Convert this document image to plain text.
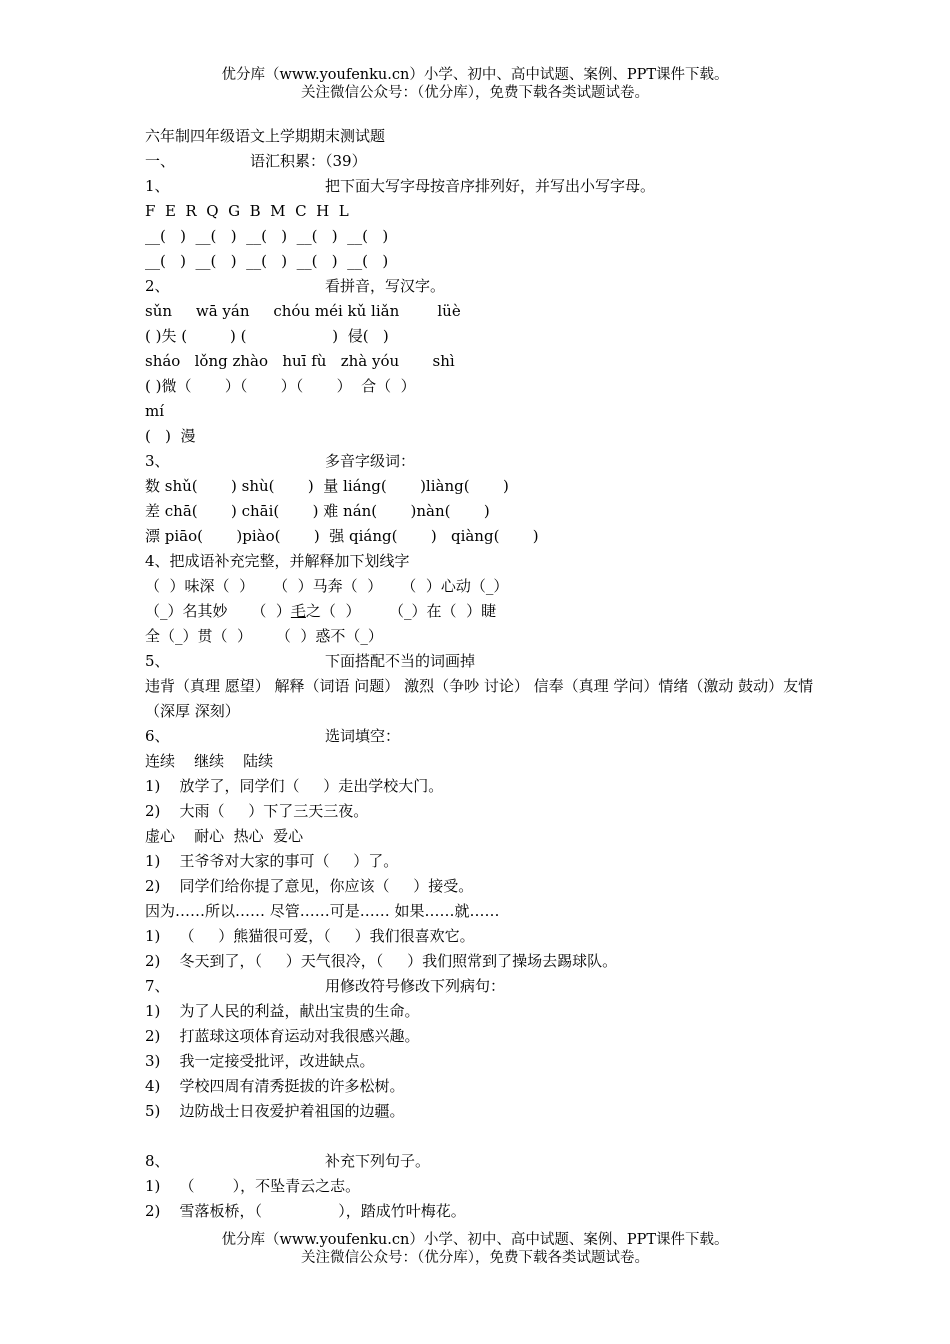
优分库（www.youfenku.cn）小学、初中、高中试题、案例、PPT课件下载。
关注微信公众号：（优分库），免费下载各类试题试卷。
六年制四年级语文上学期期末测试题
一、	语汇积累：（39）
1、	把下面大写字母按音序排列好，并写出小写字母。
F  E  R  Q  G  B  M  C  H  L
__(   )  __(   )  __(   )  __(   )  __(   )
__(   )  __(   )  __(   )  __(   )  __(   )
2、	看拼音，写汉字。
sǔn     wā yán     chóu méi kǔ liǎn        lüè
( )失 (         ) (                  )  侵(   )
sháo   lǒng zhào   huī fù   zhà yóu       shì
( )微（       ）（       ）（       ）  合（  ）
mí
(   )  漫
3、	多音字级词：
数 shǔ(       ) shù(       )  量 liáng(       )liàng(       )
差 chā(       ) chāi(       ) 难 nán(       )nàn(       )
漂 piāo(       )piào(       )  强 qiáng(       )   qiàng(       )
4、把成语补充完整，并解释加下划线字
（  ）味深（  ）    （  ）马奔（  ）    （  ）心动（_）
（_）名其妙     （  ）毛之（  ）      （_）在（  ）睫
全（_）贯（  ）     （  ）惑不（_）
5、	下面搭配不当的词画掉
违背（真理 愿望） 解释（词语 问题） 激烈（争吵 讨论） 信奉（真理 学问）情绪（激动 鼓动）友情（深厚 深刻）
6、	选词填空：
连续    继续    陆续
1)    放学了，同学们（     ）走出学校大门。
2)    大雨（     ）下了三天三夜。
虚心    耐心  热心  爱心
1)    王爷爷对大家的事可（     ）了。
2)    同学们给你提了意见，你应该（     ）接受。
因为……所以…… 尽管……可是…… 如果……就……
1)    （     ）熊猫很可爱，（     ）我们很喜欢它。
2)    冬天到了，（     ）天气很冷，（     ）我们照常到了操场去踢球队。
7、	用修改符号修改下列病句：
1)    为了人民的利益，献出宝贵的生命。
2)    打蓝球这项体育运动对我很感兴趣。
3)    我一定接受批评，改进缺点。
4)    学校四周有清秀挺拔的许多松树。
5)    边防战士日夜爱护着祖国的边疆。
8、	补充下列句子。
1)    （        ），不坠青云之志。
2)    雪落板桥，（                ），踏成竹叶梅花。
优分库（www.youfenku.cn）小学、初中、高中试题、案例、PPT课件下载。
关注微信公众号：（优分库），免费下载各类试题试卷。
